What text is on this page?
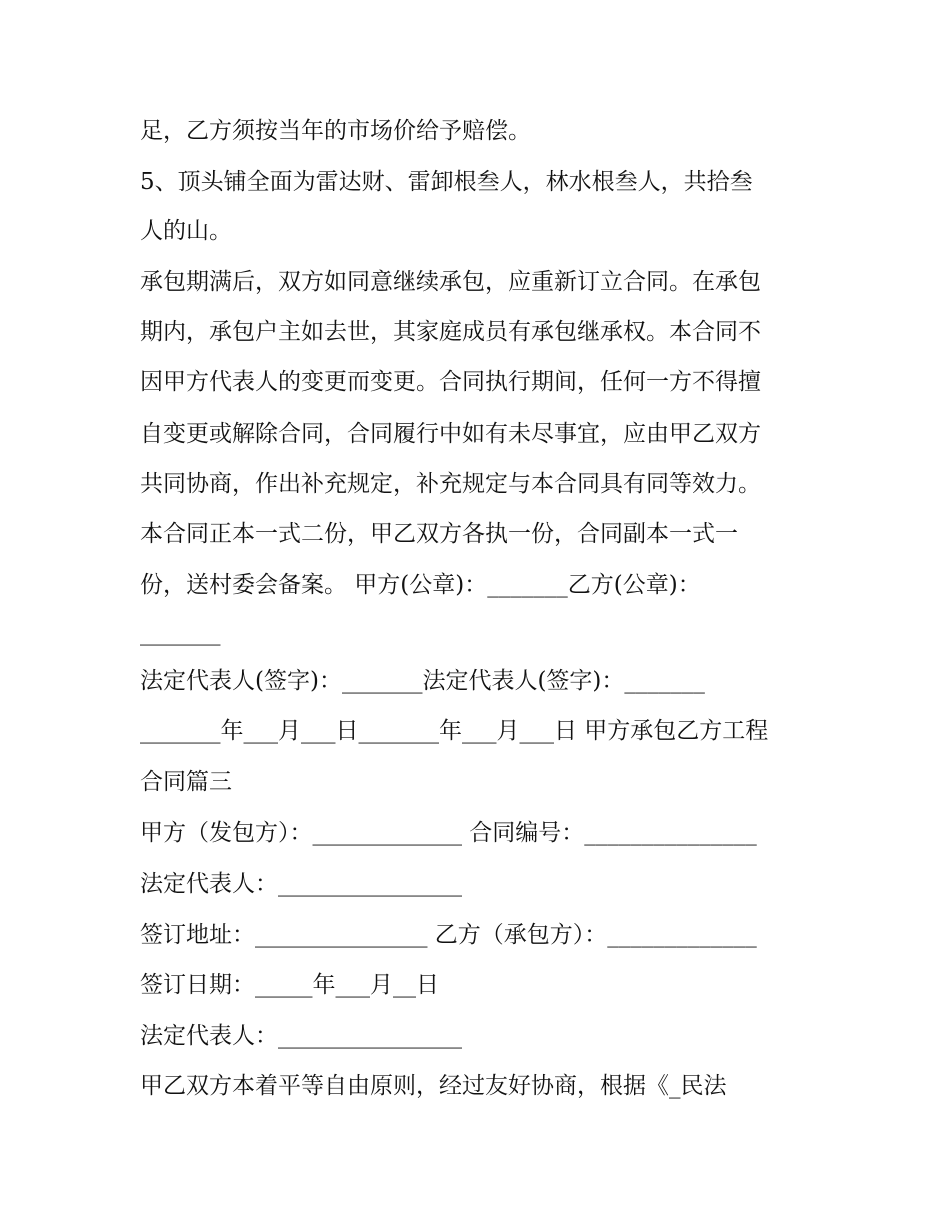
足，乙方须按当年的市场价给予赔偿。
5、顶头铺全面为雷达财、雷卸根叁人，林水根叁人，共拾叁
人的山。
承包期满后，双方如同意继续承包，应重新订立合同。在承包
期内，承包户主如去世，其家庭成员有承包继承权。本合同不
因甲方代表人的变更而变更。合同执行期间，任何一方不得擅
自变更或解除合同，合同履行中如有未尽事宜，应由甲乙双方
共同协商，作出补充规定，补充规定与本合同具有同等效力。
本合同正本一式二份，甲乙双方各执一份，合同副本一式一
份，送村委会备案。 甲方(公章)：_______乙方(公章)：
_______
法定代表人(签字)：_______法定代表人(签字)：_______
_______年___月___日_______年___月___日 甲方承包乙方工程
合同篇三
甲方（发包方）：_____________ 合同编号：_______________
法定代表人：________________
签订地址：_______________ 乙方（承包方）：_____________
签订日期：_____年___月__日
法定代表人：________________
甲乙双方本着平等自由原则，经过友好协商，根据《_民法
